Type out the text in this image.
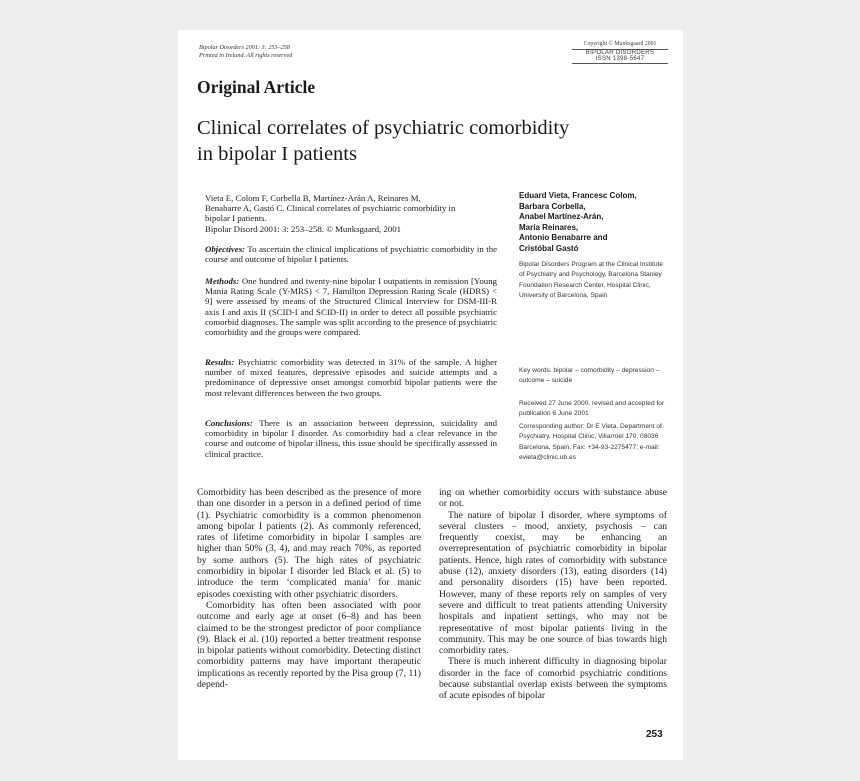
Bipolar Disorders 2001: 3: 253–258
Printed in Ireland. All rights reserved
Copyright © Munksgaard 2001
BIPOLAR DISORDERS
ISSN 1398-5647
Original Article
Clinical correlates of psychiatric comorbidity
in bipolar I patients
Vieta E, Colom F, Corbella B, Martínez-Arán A, Reinares M,
Benabarre A, Gastó C. Clinical correlates of psychiatric comorbidity in
bipolar I patients.
Bipolar Disord 2001: 3: 253–258. © Munksgaard, 2001
Objectives: To ascertain the clinical implications of psychiatric comorbidity in the course and outcome of bipolar I patients.
Methods: One hundred and twenty-nine bipolar I outpatients in remission [Young Mania Rating Scale (Y-MRS) < 7, Hamilton Depression Rating Scale (HDRS) < 9] were assessed by means of the Structured Clinical Interview for DSM-III-R axis I and axis II (SCID-I and SCID-II) in order to detect all possible psychiatric comorbid diagnoses. The sample was split according to the presence of psychiatric comorbidity and the groups were compared.
Results: Psychiatric comorbidity was detected in 31% of the sample. A higher number of mixed features, depressive episodes and suicide attempts and a predominance of depressive onset amongst comorbid bipolar patients were the most relevant differences between the two groups.
Conclusions: There is an association between depression, suicidality and comorbidity in bipolar I disorder. As comorbidity had a clear relevance in the course and outcome of bipolar illness, this issue should be specifically assessed in clinical practice.
Eduard Vieta, Francesc Colom,
Barbara Corbella,
Anabel Martínez-Arán,
María Reinares,
Antonio Benabarre and
Cristóbal Gastó
Bipolar Disorders Program at the Clinical Institute of Psychiatry and Psychology, Barcelona Stanley Foundation Research Center, Hospital Clinic, University of Barcelona, Spain
Key words: bipolar – comorbidity – depression – outcome – suicide
Received 27 June 2000, revised and accepted for publication 6 June 2001
Corresponding author: Dr E Vieta, Department of Psychiatry, Hospital Clinic, Villarroel 170, 08036 Barcelona, Spain. Fax: +34-93-2275477; e-mail: evieta@clinic.ub.es

Comorbidity has been described as the presence of more than one disorder in a person in a defined period of time (1). Psychiatric comorbidity is a common phenomenon among bipolar I patients (2). As commonly referenced, rates of lifetime comorbidity in bipolar I samples are higher than 50% (3, 4), and may reach 70%, as reported by some authors (5). The high rates of psychiatric comorbidity in bipolar I disorder led Black et al. (5) to introduce the term ‘complicated mania’ for manic episodes coexisting with other psychiatric disorders.

Comorbidity has often been associated with poor outcome and early age at onset (6–8) and has been claimed to be the strongest predictor of poor compliance (9). Black et al. (10) reported a better treatment response in bipolar patients without comorbidity. Detecting distinct comorbidity patterns may have important therapeutic implications as recently reported by the Pisa group (7, 11) depend-

ing on whether comorbidity occurs with substance abuse or not.

The nature of bipolar I disorder, where symptoms of several clusters – mood, anxiety, psychosis – can frequently coexist, may be enhancing an overrepresentation of psychiatric comorbidity in bipolar patients. Hence, high rates of comorbidity with substance abuse (12), anxiety disorders (13), eating disorders (14) and personality disorders (15) have been reported. However, many of these reports rely on samples of very severe and difficult to treat patients attending University hospitals and inpatient settings, who may not be representative of most bipolar patients living in the community. This may be one source of bias towards high comorbidity rates.

There is much inherent difficulty in diagnosing bipolar disorder in the face of comorbid psychiatric conditions because substantial overlap exists between the symptoms of acute episodes of bipolar

253
